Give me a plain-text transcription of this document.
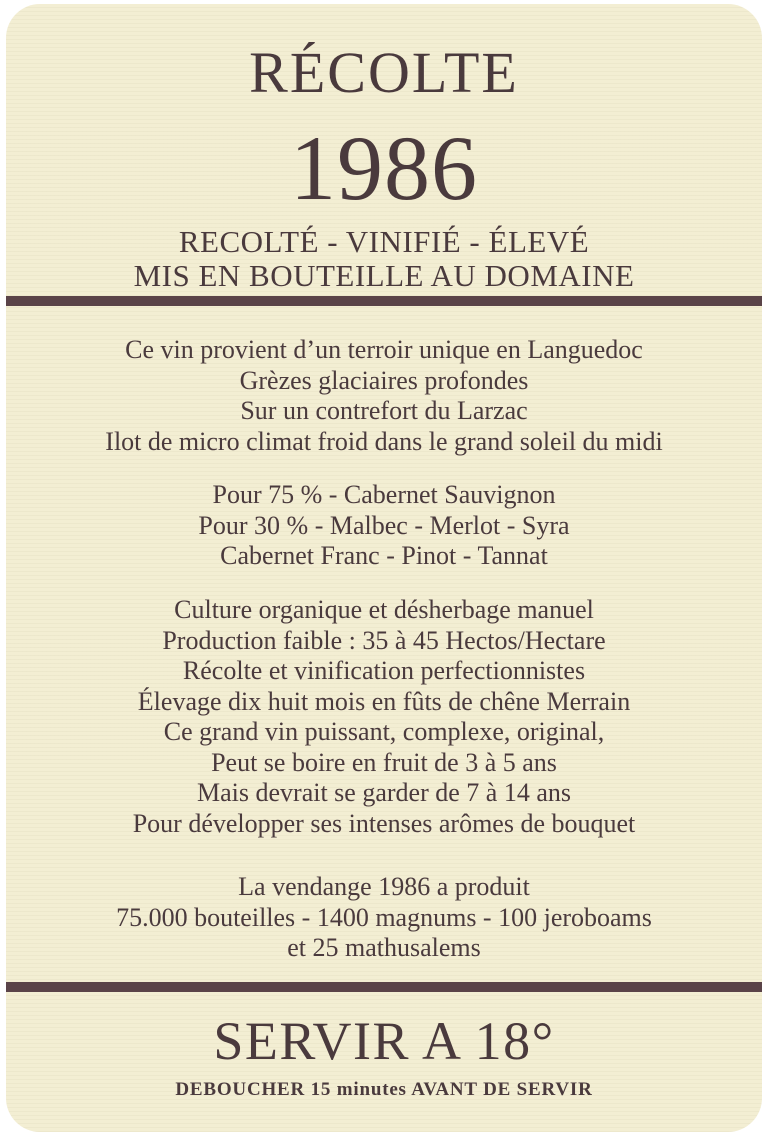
RÉCOLTE
1986
RECOLTÉ - VINIFIÉ - ÉLEVÉ
MIS EN BOUTEILLE AU DOMAINE
Ce vin provient d’un terroir unique en Languedoc
Grèzes glaciaires profondes
Sur un contrefort du Larzac
Ilot de micro climat froid dans le grand soleil du midi
Pour 75 % - Cabernet Sauvignon
Pour 30 % - Malbec - Merlot - Syra
Cabernet Franc - Pinot - Tannat
Culture organique et désherbage manuel
Production faible : 35 à 45 Hectos/Hectare
Récolte et vinification perfectionnistes
Élevage dix huit mois en fûts de chêne Merrain
Ce grand vin puissant, complexe, original,
Peut se boire en fruit de 3 à 5 ans
Mais devrait se garder de 7 à 14 ans
Pour développer ses intenses arômes de bouquet
La vendange 1986 a produit
75.000 bouteilles - 1400 magnums - 100 jeroboams
et 25 mathusalems
SERVIR A 18°
DEBOUCHER 15 minutes AVANT DE SERVIR
